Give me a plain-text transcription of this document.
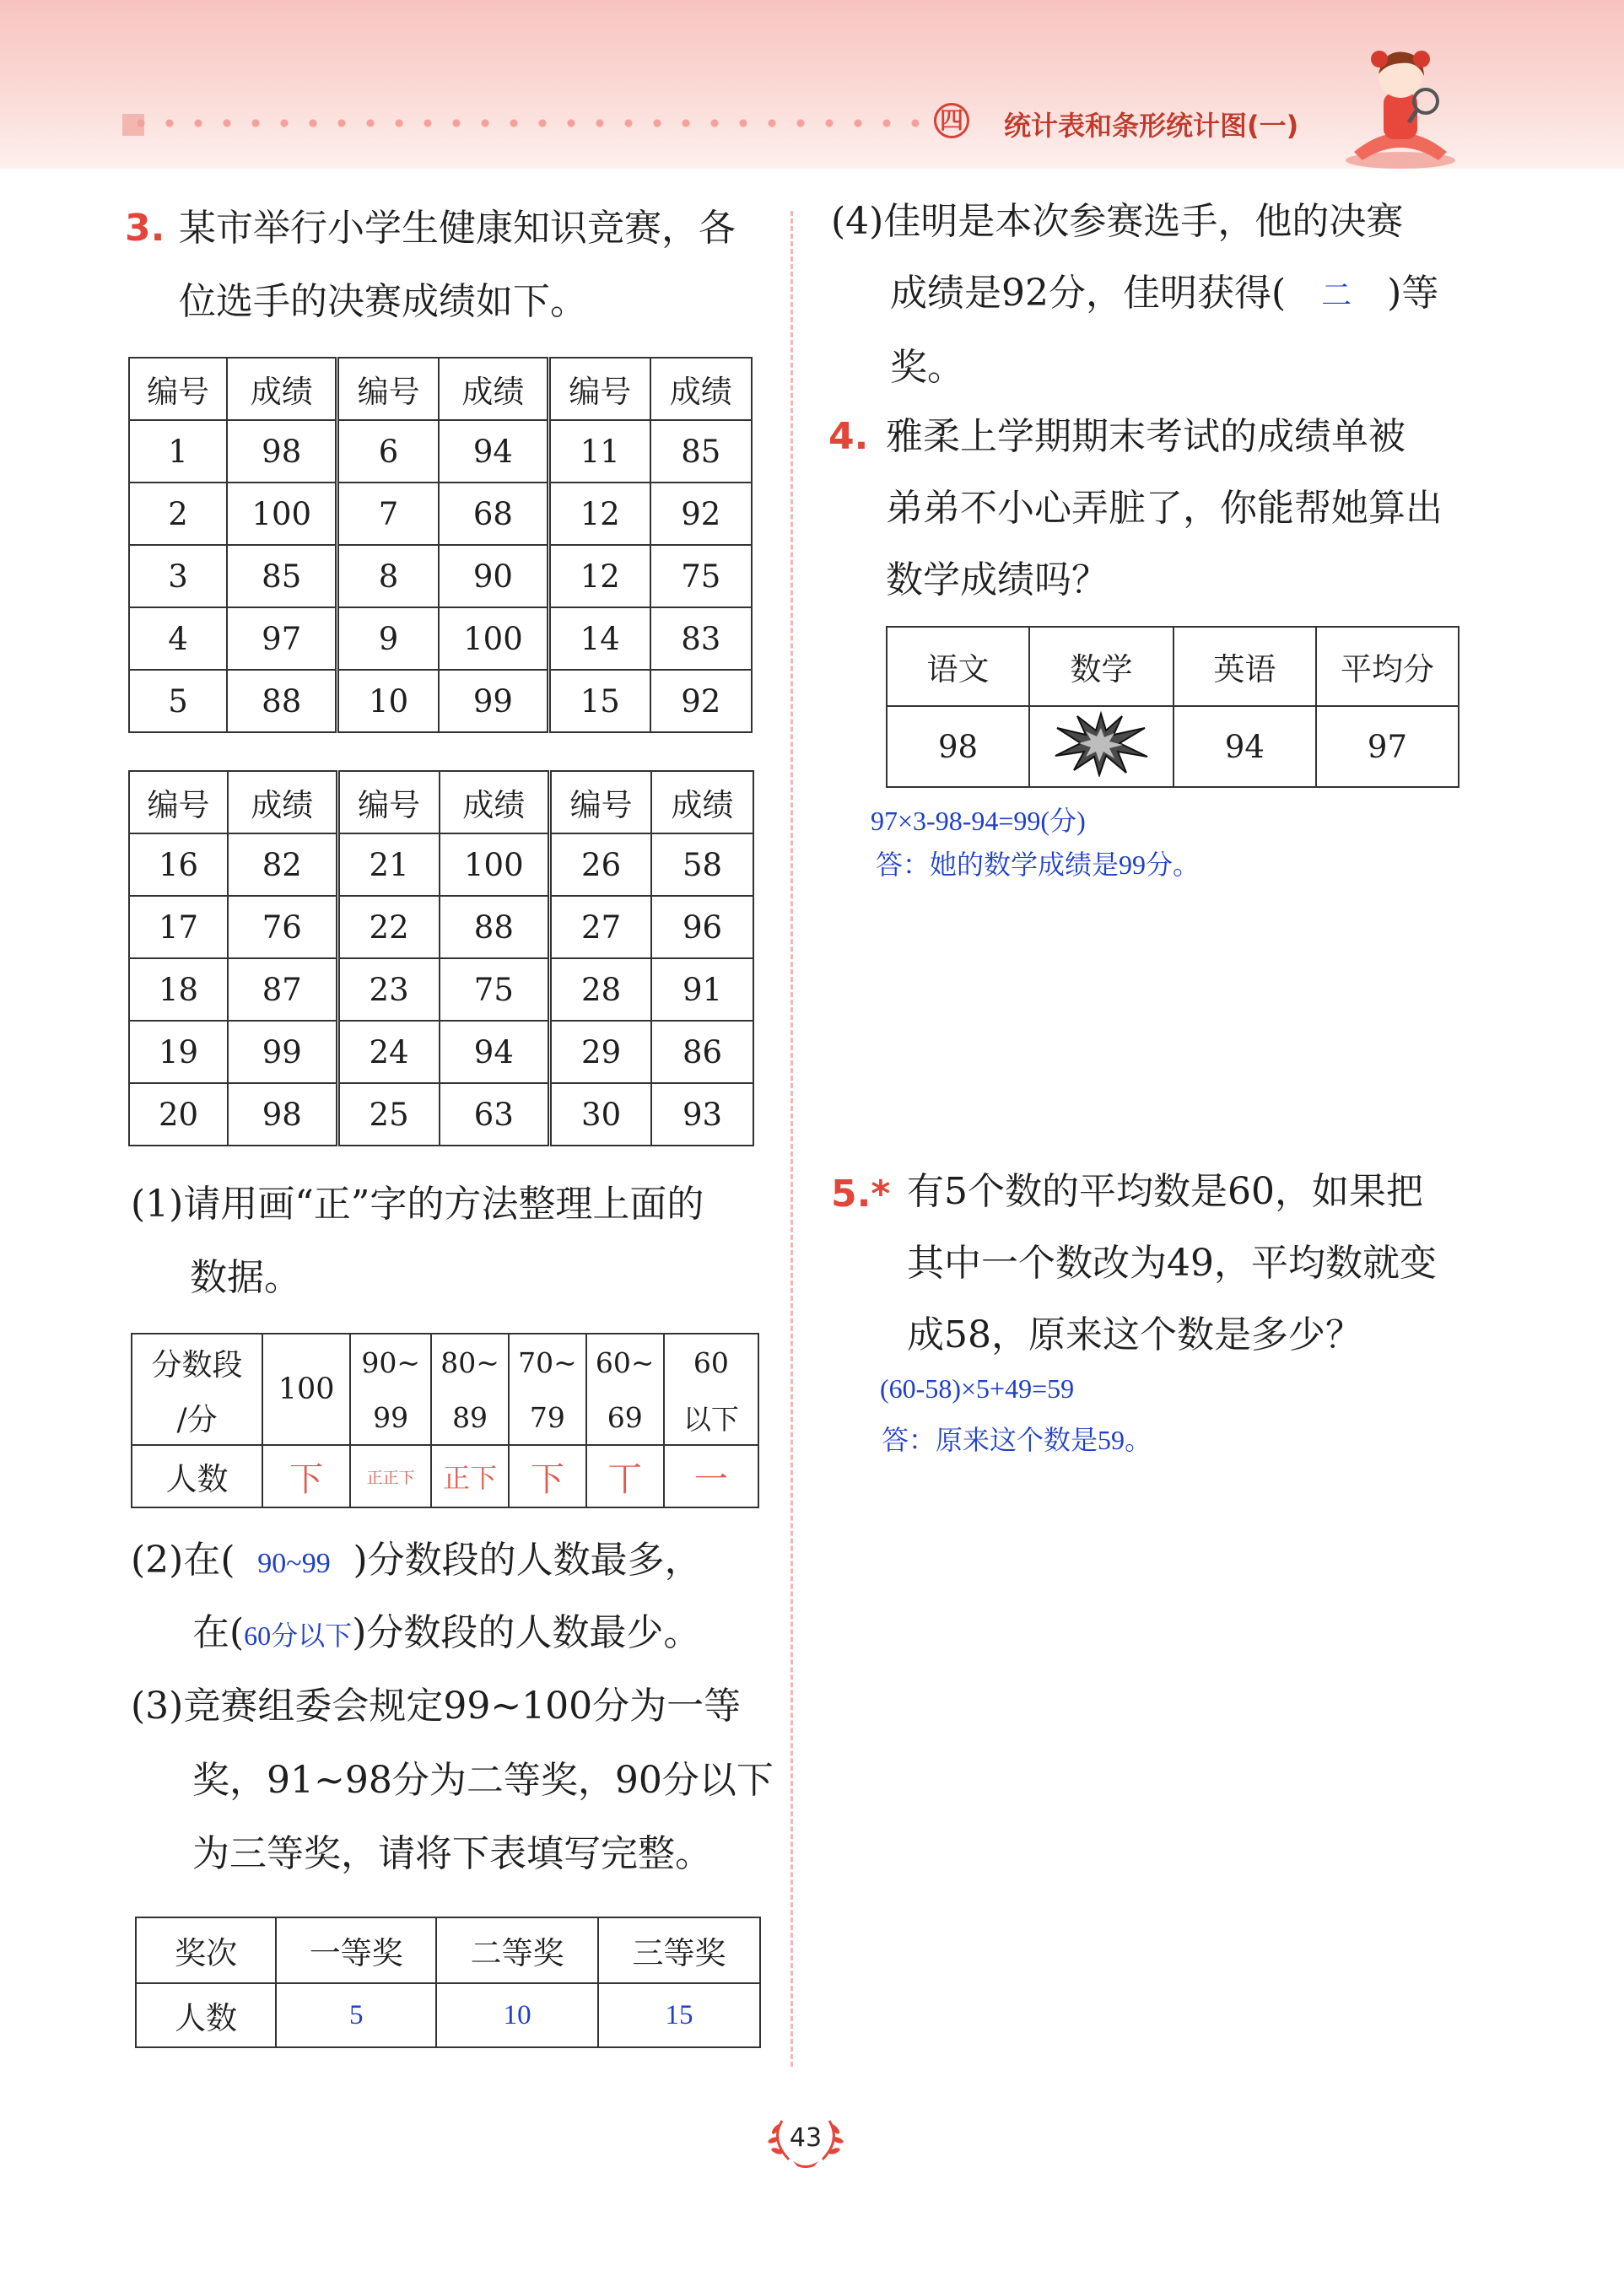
四 统计表和条形统计图(一)
3. 某市举行小学生健康知识竞赛，各
位选手的决赛成绩如下。
编号	成绩	编号	成绩	编号	成绩
1	98	6	94	11	85
2	100	7	68	12	92
3	85	8	90	12	75
4	97	9	100	14	83
5	88	10	99	15	92
编号	成绩	编号	成绩	编号	成绩
16	82	21	100	26	58
17	76	22	88	27	96
18	87	23	75	28	91
19	99	24	94	29	86
20	98	25	63	30	93
(1)请用画“正”字的方法整理上面的
数据。
分数段	100	90~	80~	70~	60~	60
/分		99	89	79	69	以下
人数	下	正正下	正下	下	丅	一
(2)在( 90~99 )分数段的人数最多，
在(60分以下)分数段的人数最少。
(3)竞赛组委会规定99~100分为一等
奖，91~98分为二等奖，90分以下
为三等奖，请将下表填写完整。
奖次	一等奖	二等奖	三等奖
人数	5	10	15
(4)佳明是本次参赛选手，他的决赛
成绩是92分，佳明获得( 二 )等
奖。
4. 雅柔上学期期末考试的成绩单被
弟弟不小心弄脏了，你能帮她算出
数学成绩吗？
语文	数学	英语	平均分
98		94	97
97×3-98-94=99(分)
答：她的数学成绩是99分。
5.* 有5个数的平均数是60，如果把
其中一个数改为49，平均数就变
成58，原来这个数是多少？
(60-58)×5+49=59
答：原来这个数是59。
43
